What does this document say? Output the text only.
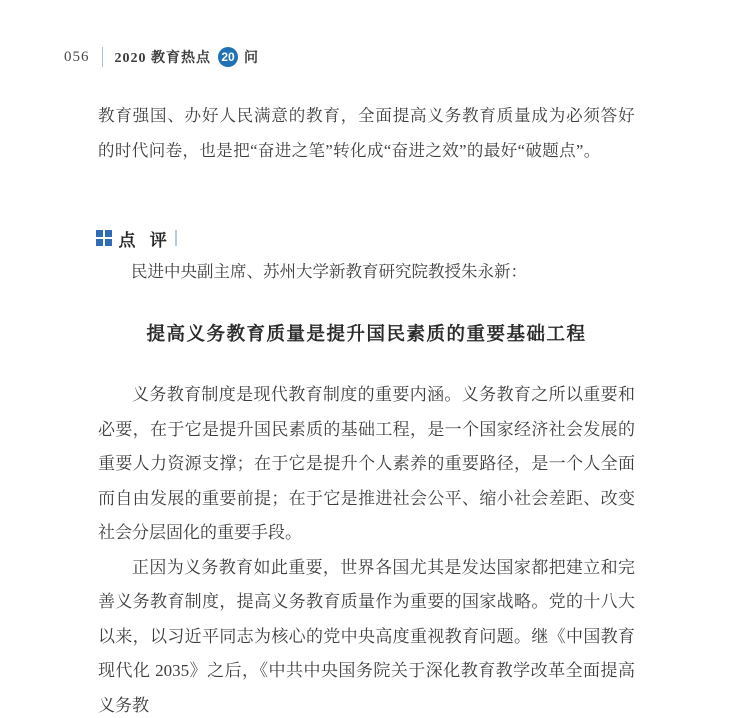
056 2020 教育热点 20 问
教育强国、办好人民满意的教育，全面提高义务教育质量成为必须答好的时代问卷，也是把“奋进之笔”转化成“奋进之效”的最好“破题点”。
点 评
民进中央副主席、苏州大学新教育研究院教授朱永新：
提高义务教育质量是提升国民素质的重要基础工程

义务教育制度是现代教育制度的重要内涵。义务教育之所以重要和必要，在于它是提升国民素质的基础工程，是一个国家经济社会发展的重要人力资源支撑；在于它是提升个人素养的重要路径，是一个人全面而自由发展的重要前提；在于它是推进社会公平、缩小社会差距、改变社会分层固化的重要手段。

正因为义务教育如此重要，世界各国尤其是发达国家都把建立和完善义务教育制度，提高义务教育质量作为重要的国家战略。党的十八大以来，以习近平同志为核心的党中央高度重视教育问题。继《中国教育现代化 2035》之后，《中共中央国务院关于深化教育教学改革全面提高义务教
